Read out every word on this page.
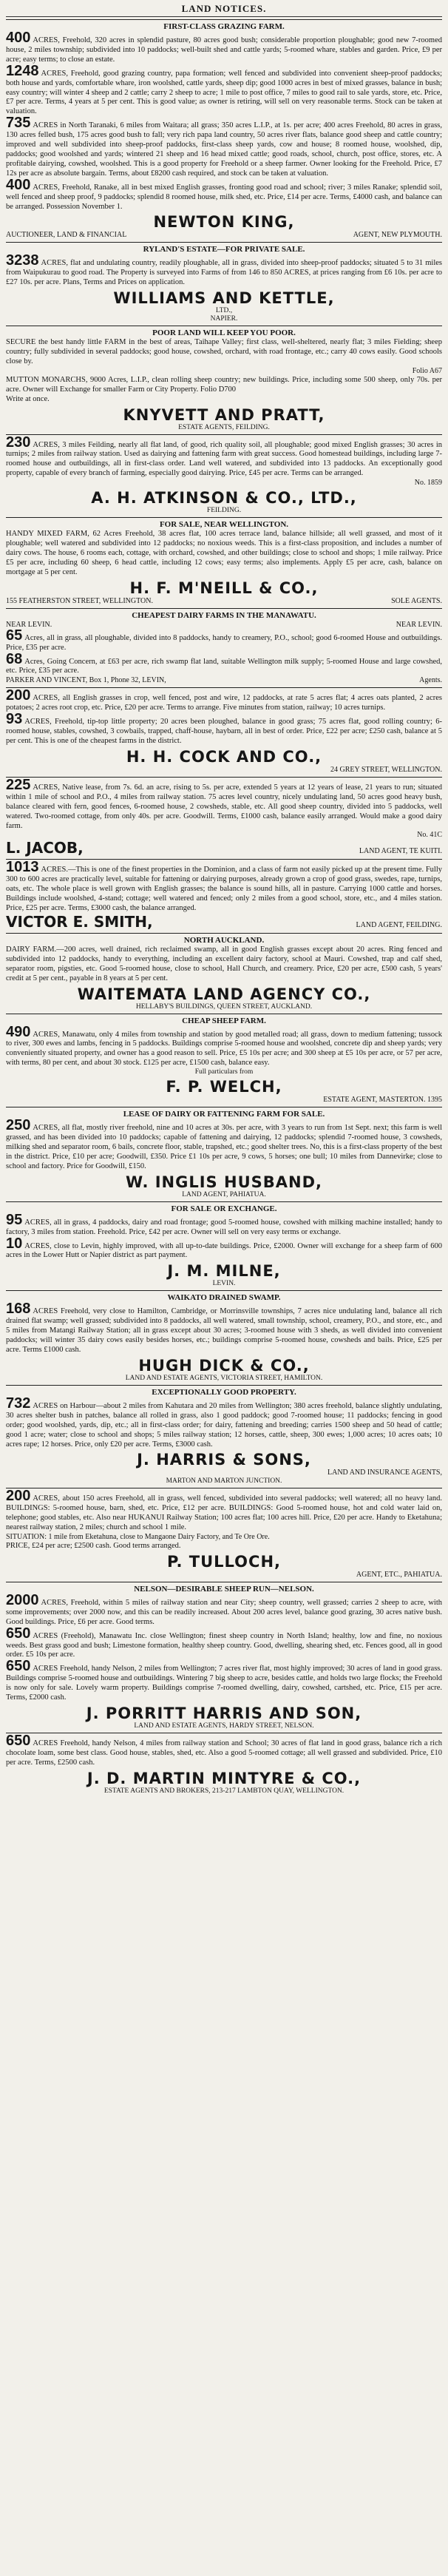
LAND NOTICES.
FIRST-CLASS GRAZING FARM.

400 ACRES, Freehold, 320 acres in splendid pasture, 80 acres good bush; considerable proportion ploughable; good new 7-roomed house, 2 miles township; subdivided into 10 paddocks; well-built shed and cattle yards; 5-roomed whare, stables and garden. Price, £9 per acre; easy terms; to close an estate.

1248 ACRES, Freehold, good grazing country, papa formation; well fenced and subdivided into convenient sheep-proof paddocks; both house and yards, comfortable whare, iron woolshed, cattle yards, sheep dip; good 1000 acres in best of mixed grasses, balance in bush; easy country; will winter 4 sheep and 2 cattle; carry 2 sheep to acre; 1 mile to post office, 7 miles to good rail to sale yards, store, etc. Price, £7 per acre. Terms, 4 years at 5 per cent. This is good value; as owner is retiring, will sell on very reasonable terms. Stock can be taken at valuation.

735 ACRES in North Taranaki, 6 miles from Waitara; all grass; 350 acres L.I.P., at 1s. per acre; 400 acres Freehold, 80 acres in grass, 130 acres felled bush, 175 acres good bush to fall; very rich papa land country, 50 acres river flats, balance good sheep and cattle country; improved and well subdivided into sheep-proof paddocks, first-class sheep yards, cow and house; 8 roomed house, woolshed, dip, paddocks; good woolshed and yards; wintered 21 sheep and 16 head mixed cattle; good roads, school, church, post office, stores, etc. A profitable dairying, cowshed, woolshed. This is a good property for Freehold or a sheep farmer. Owner looking for the Freehold. Price, £7 12s per acre as absolute bargain. Terms, about £8200 cash required, and stock can be taken at valuation.

400 ACRES, Freehold, Ranake, all in best mixed English grasses, fronting good road and school; river; 3 miles Ranake; splendid soil, well fenced and sheep proof, 9 paddocks; splendid 8 roomed house, milk shed, etc. Price, £14 per acre. Terms, £4000 cash, and balance can be arranged. Possession November 1.

NEWTON KING,
AUCTIONEER, LAND & FINANCIAL	AGENT, NEW PLYMOUTH.
RYLAND'S ESTATE—FOR PRIVATE SALE.

3238 ACRES, flat and undulating country, readily ploughable, all in grass, divided into sheep-proof paddocks; situated 5 to 31 miles from Waipukurau to good road. The Property is surveyed into Farms of from 146 to 850 ACRES, at prices ranging from £6 10s. per acre to £27 10s. per acre. Plans, Terms and Prices on application.

WILLIAMS AND KETTLE,
LTD.,
NAPIER.
POOR LAND WILL KEEP YOU POOR.

SECURE the best handy little FARM in the best of areas, Taihape Valley; first class, well-sheltered, nearly flat; 3 miles Fielding; sheep country; fully subdivided in several paddocks; good house, cowshed, orchard, with road frontage, etc.; carry 40 cows easily. Good schools close by.

Folio A67

MUTTON MONARCHS, 9000 Acres, L.I.P., clean rolling sheep country; new buildings. Price, including some 500 sheep, only 70s. per acre. Owner will Exchange for smaller Farm or City Property. Folio D700

Write at once.

KNYVETT AND PRATT,
ESTATE AGENTS, FEILDING.

230 ACRES, 3 miles Feilding, nearly all flat land, of good, rich quality soil, all ploughable; good mixed English grasses; 30 acres in turnips; 2 miles from railway station. Used as dairying and fattening farm with great success. Good homestead buildings, including large 7-roomed house and outbuildings, all in first-class order. Land well watered, and subdivided into 13 paddocks. An exceptionally good property, capable of every branch of farming, especially good dairying. Price, £45 per acre. Terms can be arranged.

No. 1859
A. H. ATKINSON & CO., LTD.,
FEILDING.
FOR SALE, NEAR WELLINGTON.

HANDY MIXED FARM, 62 Acres Freehold, 38 acres flat, 100 acres terrace land, balance hillside; all well grassed, and most of it ploughable; well watered and subdivided into 12 paddocks; no noxious weeds. This is a first-class proposition, and includes a number of dairy cows. The house, 6 rooms each, cottage, with orchard, cowshed, and other buildings; close to school and shops; 1 mile railway. Price £5 per acre, including 60 sheep, 6 head cattle, including 12 cows; easy terms; also implements. Apply £5 per acre, cash, balance on mortgage at 5 per cent.

H. F. M'NEILL & CO.,
155 FEATHERSTON STREET, WELLINGTON.	SOLE AGENTS.
CHEAPEST DAIRY FARMS IN THE MANAWATU.
NEAR LEVIN.	NEAR LEVIN.

65 Acres, all in grass, all ploughable, divided into 8 paddocks, handy to creamery, P.O., school; good 6-roomed House and outbuildings. Price, £35 per acre.

68 Acres, Going Concern, at £63 per acre, rich swamp flat land, suitable Wellington milk supply; 5-roomed House and large cowshed, etc. Price, £35 per acre.

PARKER AND VINCENT, Box 1, Phone 32, LEVIN,	Agents.

200 ACRES, all English grasses in crop, well fenced, post and wire, 12 paddocks, at rate 5 acres flat; 4 acres oats planted, 2 acres potatoes; 2 acres root crop, etc. Price, £20 per acre. Terms to arrange. Five minutes from station, railway; 10 acres turnips.

93 ACRES, Freehold, tip-top little property; 20 acres been ploughed, balance in good grass; 75 acres flat, good rolling country; 6-roomed house, stables, cowshed, 3 cowbails, trapped, chaff-house, haybarn, all in best of order. Price, £22 per acre; £250 cash, balance at 5 per cent. This is one of the cheapest farms in the district.

H. H. COCK AND CO.,
24 GREY STREET, WELLINGTON.

225 ACRES, Native lease, from 7s. 6d. an acre, rising to 5s. per acre, extended 5 years at 12 years of lease, 21 years to run; situated within 1 mile of school and P.O., 4 miles from railway station. 75 acres level country, nicely undulating land, 50 acres good heavy bush, balance cleared with fern, good fences, 6-roomed house, 2 cowsheds, stable, etc. All good sheep country, divided into 5 paddocks, well watered. Two-roomed cottage, from only 40s. per acre. Goodwill. Terms, £1000 cash, balance easily arranged. Would make a good dairy farm.

No. 41C
L. JACOB,	LAND AGENT, TE KUITI.

1013 ACRES.—This is one of the finest properties in the Dominion, and a class of farm not easily picked up at the present time. Fully 300 to 600 acres are practically level, suitable for fattening or dairying purposes, already grown a crop of good grass, swedes, rape, turnips, oats, etc. The whole place is well grown with English grasses; the balance is sound hills, all in pasture. Carrying 1000 cattle and horses. Buildings include woolshed, 4-stand; cottage; well watered and fenced; only 2 miles from a good school, store, etc., and 4 miles station. Price, £25 per acre. Terms, £3000 cash, the balance arranged.

VICTOR E. SMITH,	LAND AGENT, FEILDING.
NORTH AUCKLAND.

DAIRY FARM.—200 acres, well drained, rich reclaimed swamp, all in good English grasses except about 20 acres. Ring fenced and subdivided into 12 paddocks, handy to everything, including an excellent dairy factory, school at Mauri. Cowshed, trap and calf shed, separator room, pigsties, etc. Good 5-roomed house, close to school, Hall Church, and creamery. Price, £20 per acre, £500 cash, 5 years' credit at 5 per cent., payable in 8 years at 5 per cent.

WAITEMATA LAND AGENCY CO.,
HELLABY'S BUILDINGS, QUEEN STREET, AUCKLAND.
CHEAP SHEEP FARM.

490 ACRES, Manawatu, only 4 miles from township and station by good metalled road; all grass, down to medium fattening; tussock to river, 300 ewes and lambs, fencing in 5 paddocks. Buildings comprise 5-roomed house and woolshed, concrete dip and sheep yards; very conveniently situated property, and owner has a good reason to sell. Price, £5 10s per acre; and 300 sheep at £5 10s per acre, or 57 per acre, with terms, 80 per cent, and about 30 stock. £125 per acre, £1500 cash, balance easy.

Full particulars from
F. P. WELCH,
ESTATE AGENT, MASTERTON. 1395
LEASE OF DAIRY OR FATTENING FARM FOR SALE.

250 ACRES, all flat, mostly river freehold, nine and 10 acres at 30s. per acre, with 3 years to run from 1st Sept. next; this farm is well grassed, and has been divided into 10 paddocks; capable of fattening and dairying, 12 paddocks; splendid 7-roomed house, 3 cowsheds, milking shed and separator room, 6 bails, concrete floor, stable, trapshed, etc.; good shelter trees. No, this is a first-class property of the best in the district. Price, £10 per acre; Goodwill, £350. Price £1 10s per acre, 9 cows, 5 horses; one bull; 10 miles from Dannevirke; close to school and factory. Price for Goodwill, £150.

W. INGLIS HUSBAND,
LAND AGENT, PAHIATUA.
FOR SALE OR EXCHANGE.

95 ACRES, all in grass, 4 paddocks, dairy and road frontage; good 5-roomed house, cowshed with milking machine installed; handy to factory, 3 miles from station. Freehold. Price, £42 per acre. Owner will sell on very easy terms or exchange.

10 ACRES, close to Levin, highly improved, with all up-to-date buildings. Price, £2000. Owner will exchange for a sheep farm of 600 acres in the Lower Hutt or Napier district as part payment.

J. M. MILNE,
LEVIN.
WAIKATO DRAINED SWAMP.

168 ACRES Freehold, very close to Hamilton, Cambridge, or Morrinsville townships, 7 acres nice undulating land, balance all rich drained flat swamp; well grassed; subdivided into 8 paddocks, all well watered, small township, school, creamery, P.O., and store, etc., and 5 miles from Matangi Railway Station; all in grass except about 30 acres; 3-roomed house with 3 sheds, as well divided into convenient paddocks; will winter 35 dairy cows easily besides horses, etc.; buildings comprise 5-roomed house, cowsheds and bails. Price, £25 per acre. Terms £1000 cash.

HUGH DICK & CO.,
LAND AND ESTATE AGENTS, VICTORIA STREET, HAMILTON.
EXCEPTIONALLY GOOD PROPERTY.

732 ACRES on Harbour—about 2 miles from Kahutara and 20 miles from Wellington; 380 acres freehold, balance slightly undulating, 30 acres shelter bush in patches, balance all rolled in grass, also 1 good paddock; good 7-roomed house; 11 paddocks; fencing in good order; good woolshed, yards, dip, etc.; all in first-class order; for dairy, fattening and breeding; carries 1500 sheep and 50 head of cattle; good 1 acre; water; close to school and shops; 5 miles railway station; 12 horses, cattle, sheep, 300 ewes; 1,000 acres; 10 acres oats; 10 acres rape; 12 horses. Price, only £20 per acre. Terms, £3000 cash.

J. HARRIS & SONS,
LAND AND INSURANCE AGENTS,
MARTON AND MARTON JUNCTION.

200 ACRES, about 150 acres Freehold, all in grass, well fenced, subdivided into several paddocks; well watered; all no heavy land. BUILDINGS: 5-roomed house, barn, shed, etc. Price, £12 per acre. BUILDINGS: Good 5-roomed house, hot and cold water laid on, telephone; good stables, etc. Also near HUKANUI Railway Station; 100 acres flat; 100 acres hill. Price, £20 per acre. Handy to Eketahuna; nearest railway station, 2 miles; church and school 1 mile.

SITUATION: 1 mile from Eketahuna, close to Mangaone Dairy Factory, and Te Ore Ore.

PRICE, £24 per acre; £2500 cash. Good terms arranged.

P. TULLOCH,
AGENT, ETC., PAHIATUA.
NELSON—DESIRABLE SHEEP RUN—NELSON.

2000 ACRES, Freehold, within 5 miles of railway station and near City; sheep country, well grassed; carries 2 sheep to acre, with some improvements; over 2000 now, and this can be readily increased. About 200 acres level, balance good grazing, 30 acres native bush. Good buildings. Price, £6 per acre. Good terms.

650 ACRES (Freehold), Manawatu Inc. close Wellington; finest sheep country in North Island; healthy, low and fine, no noxious weeds. Best grass good and bush; Limestone formation, healthy sheep country. Good, dwelling, shearing shed, etc. Fences good, all in good order. £5 10s per acre.

650 ACRES Freehold, handy Nelson, 2 miles from Wellington; 7 acres river flat, most highly improved; 30 acres of land in good grass. Buildings comprise 5-roomed house and outbuildings. Wintering 7 big sheep to acre, besides cattle, and holds two large flocks; the Freehold is now only for sale. Lovely warm property. Buildings comprise 7-roomed dwelling, dairy, cowshed, cartshed, etc. Price, £15 per acre. Terms, £2000 cash.

J. PORRITT HARRIS AND SON,
LAND AND ESTATE AGENTS, HARDY STREET, NELSON.

650 ACRES Freehold, handy Nelson, 4 miles from railway station and School; 30 acres of flat land in good grass, balance rich a rich chocolate loam, some best class. Good house, stables, shed, etc. Also a good 5-roomed cottage; all well grassed and subdivided. Price, £10 per acre. Terms, £2500 cash.

J. D. MARTIN MINTYRE & CO.,
ESTATE AGENTS AND BROKERS, 213-217 LAMBTON QUAY, WELLINGTON.
